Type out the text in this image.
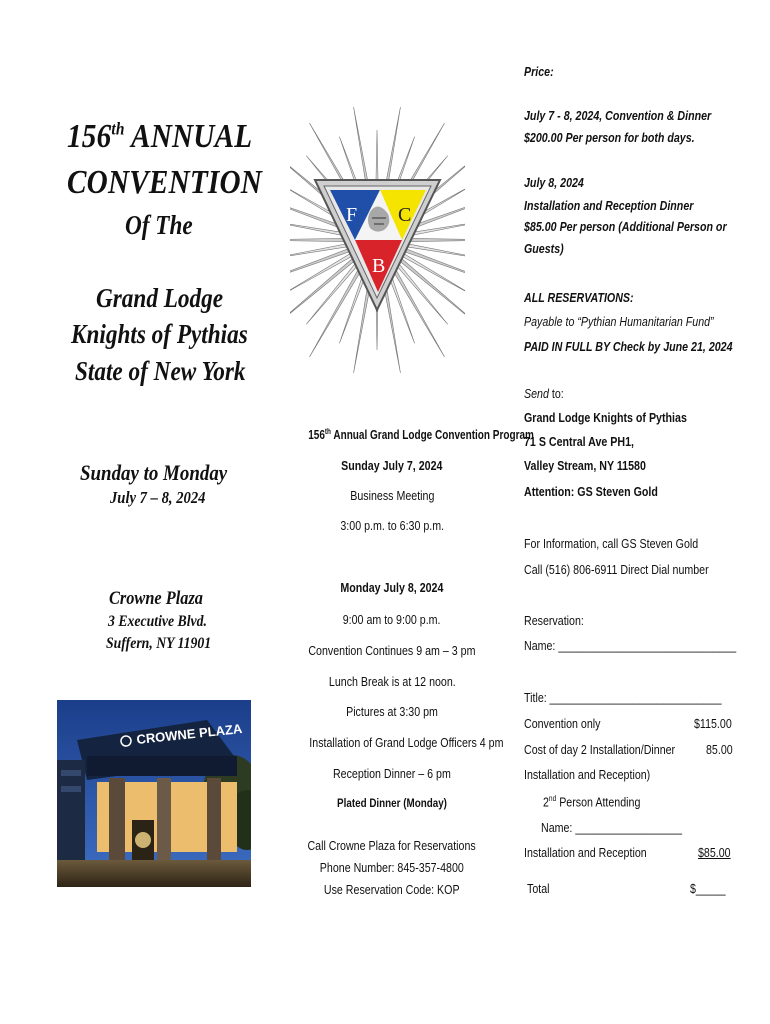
156th ANNUAL
CONVENTION
Of The
Grand Lodge
Knights of Pythias
State of New York
Sunday to Monday
July 7 – 8, 2024
Crowne Plaza
3 Executive Blvd.
Suffern, NY 11901
CROWNE PLAZA
F C
B
156th Annual Grand Lodge Convention Program
Sunday July 7, 2024
Business Meeting
3:00 p.m. to 6:30 p.m.
Monday July 8, 2024
9:00 am to 9:00 p.m.
Convention Continues 9 am – 3 pm
Lunch Break is at 12 noon.
Pictures at 3:30 pm
Installation of Grand Lodge Officers 4 pm
Reception Dinner – 6 pm
Plated Dinner (Monday)
Call Crowne Plaza for Reservations
Phone Number: 845-357-4800
Use Reservation Code: KOP
Price:
July 7 - 8, 2024, Convention & Dinner
$200.00 Per person for both days.
July 8, 2024
Installation and Reception Dinner
$85.00 Per person (Additional Person or
Guests)
ALL RESERVATIONS:
Payable to “Pythian Humanitarian Fund”
PAID IN FULL BY Check by June 21, 2024
Send to:
Grand Lodge Knights of Pythias
71 S Central Ave PH1,
Valley Stream, NY 11580
Attention: GS Steven Gold
For Information, call GS Steven Gold
Call (516) 806-6911 Direct Dial number
Reservation:
Name: ______________________________
Title: _____________________________
Convention only	$115.00
Cost of day 2 Installation/Dinner 85.00
Installation and Reception)
2nd Person Attending
Name: __________________
Installation and Reception	$85.00
Total	$_____
